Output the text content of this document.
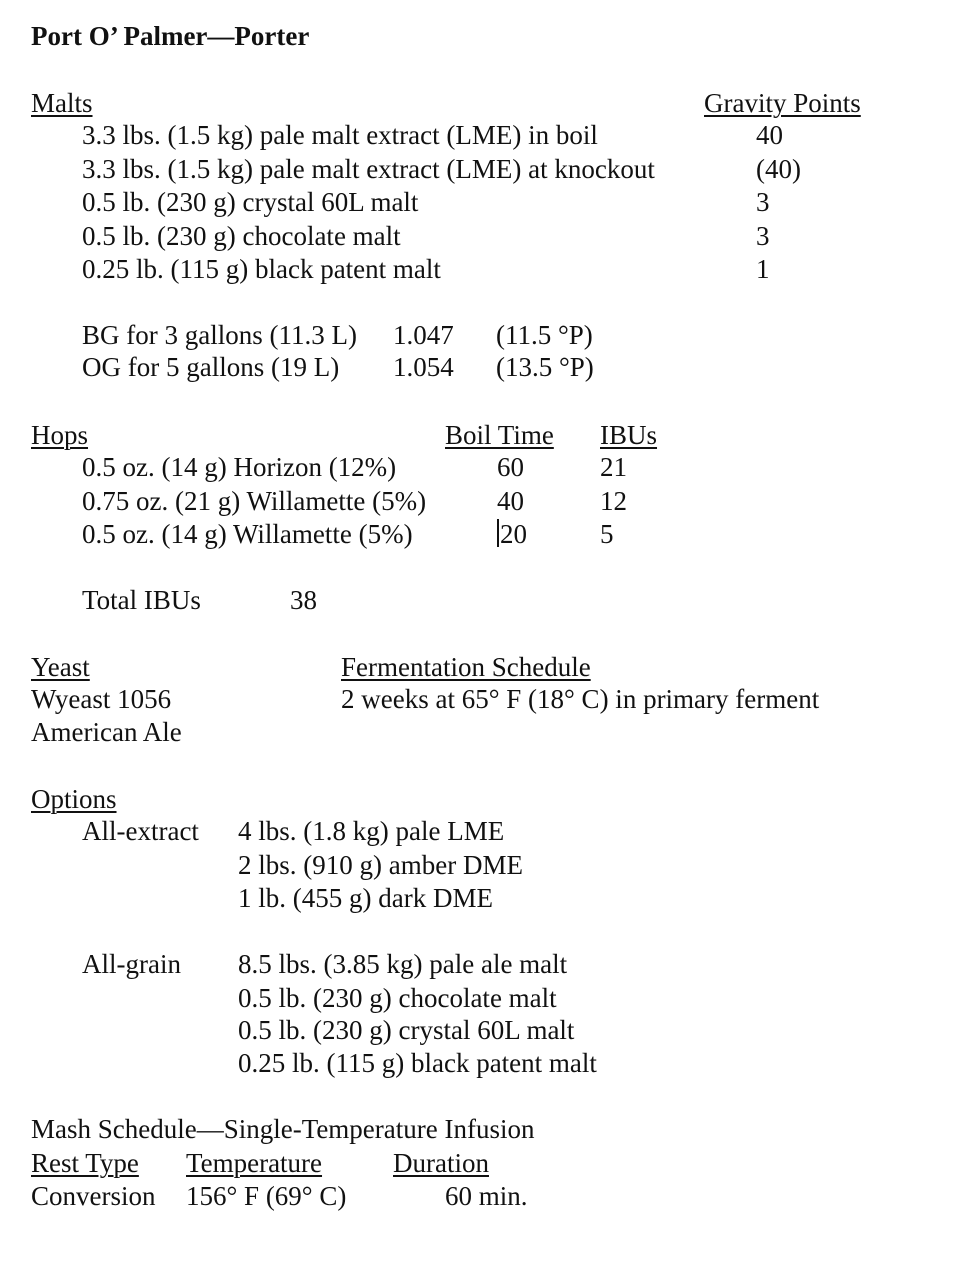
Port O’ Palmer—Porter
Malts	Gravity Points
3.3 lbs. (1.5 kg) pale malt extract (LME) in boil	40
3.3 lbs. (1.5 kg) pale malt extract (LME) at knockout	(40)
0.5 lb. (230 g) crystal 60L malt	3
0.5 lb. (230 g) chocolate malt	3
0.25 lb. (115 g) black patent malt	1
BG for 3 gallons (11.3 L) 1.047 (11.5 °P)
OG for 5 gallons (19 L) 1.054 (13.5 °P)
Hops	Boil Time IBUs
0.5 oz. (14 g) Horizon (12%)	60	21
0.75 oz. (21 g) Willamette (5%)	40	12
0.5 oz. (14 g) Willamette (5%)	20	5
Total IBUs	38
Yeast	Fermentation Schedule
Wyeast 1056	2 weeks at 65° F (18° C) in primary ferment
American Ale
Options
All-extract 4 lbs. (1.8 kg) pale LME
2 lbs. (910 g) amber DME
1 lb. (455 g) dark DME
All-grain 8.5 lbs. (3.85 kg) pale ale malt
0.5 lb. (230 g) chocolate malt
0.5 lb. (230 g) crystal 60L malt
0.25 lb. (115 g) black patent malt
Mash Schedule—Single-Temperature Infusion
Rest Type Temperature	Duration
Conversion 156° F (69° C)	60 min.
